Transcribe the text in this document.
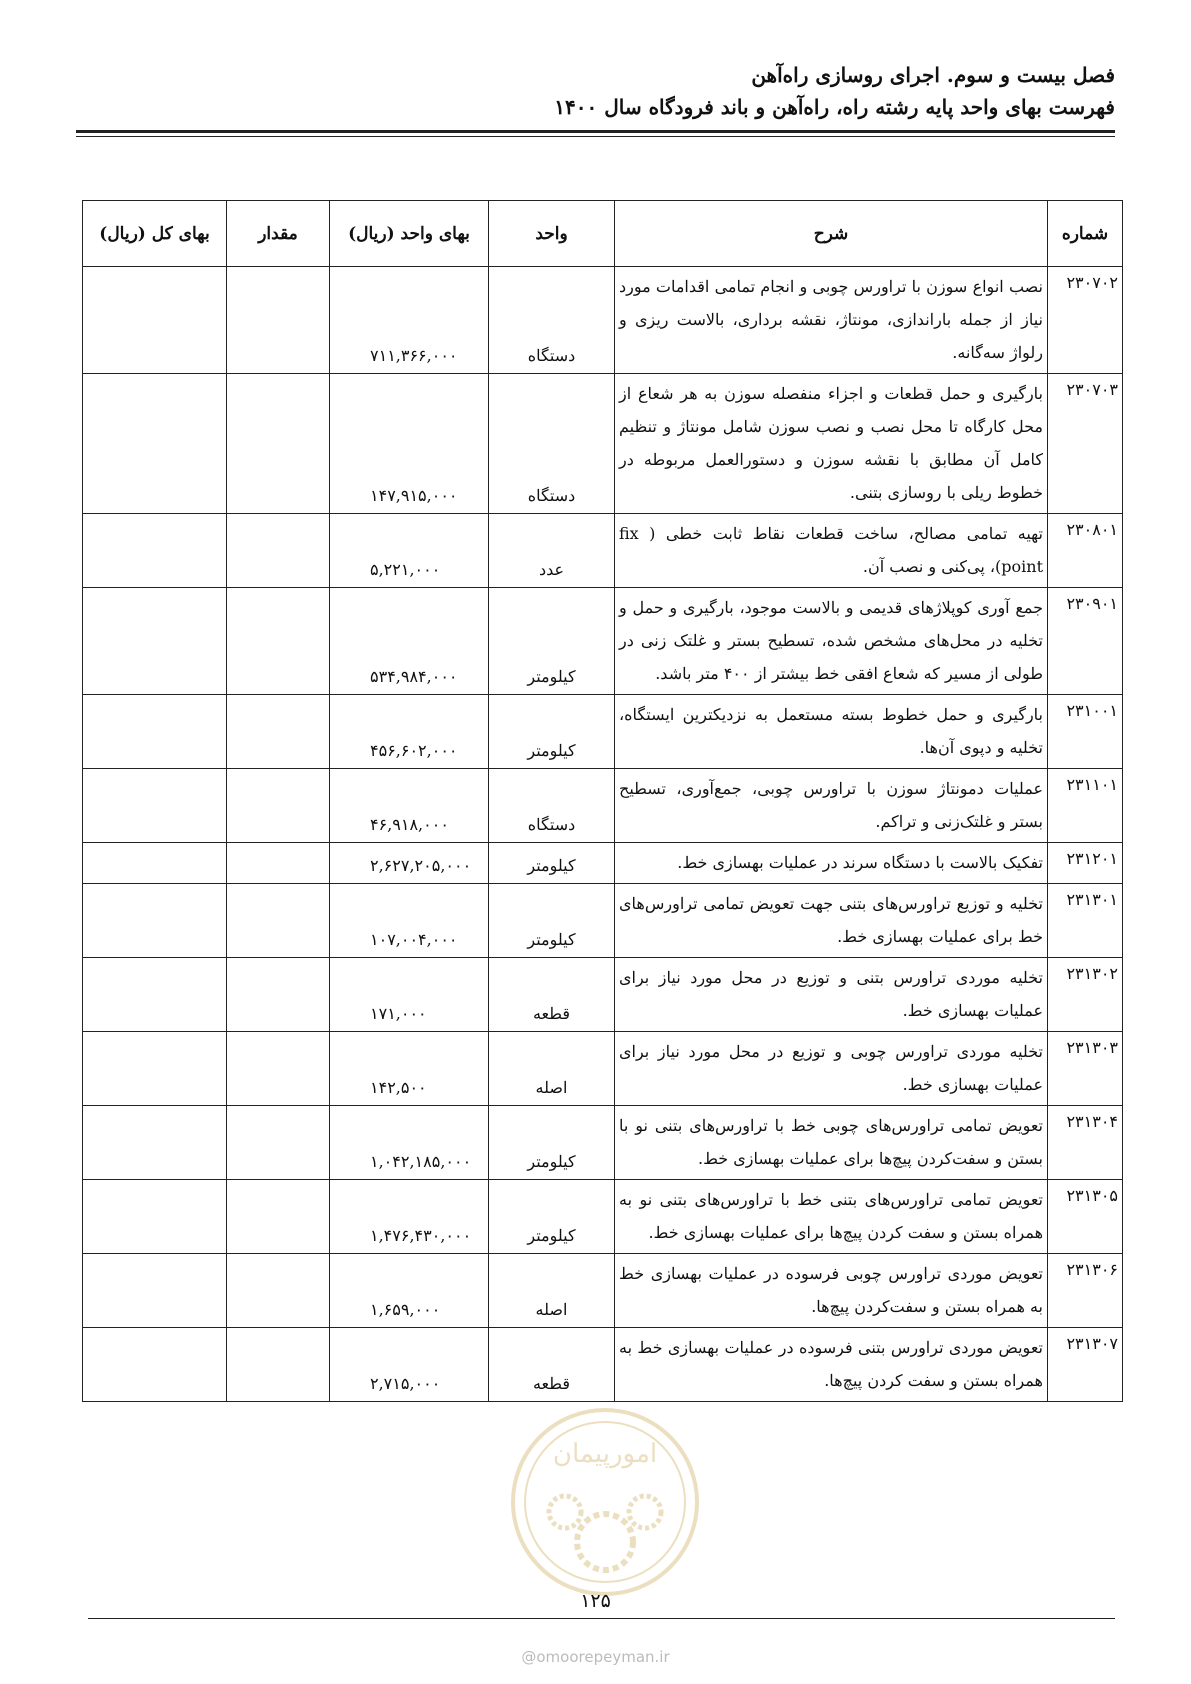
فصل بیست و سوم. اجرای روسازی راه‌آهن
فهرست بهای واحد پایه رشته راه، راه‌آهن و باند فرودگاه سال ۱۴۰۰
شماره	شرح	واحد	بهای واحد (ریال)	مقدار	بهای کل (ریال)
۲۳۰۷۰۲	نصب انواع سوزن با تراورس چوبی و انجام تمامی اقدامات مورد نیاز از جمله باراندازی، مونتاژ، نقشه برداری، بالاست ریزی و رلواژ سه‌گانه.	دستگاه	۷۱۱,۳۶۶,۰۰۰		
۲۳۰۷۰۳	بارگیری و حمل قطعات و اجزاء منفصله سوزن به هر شعاع از محل کارگاه تا محل نصب و نصب سوزن شامل مونتاژ و تنظیم کامل آن مطابق با نقشه سوزن و دستورالعمل مربوطه در خطوط ریلی با روسازی بتنی.	دستگاه	۱۴۷,۹۱۵,۰۰۰		
۲۳۰۸۰۱	تهیه تمامی مصالح، ساخت قطعات نقاط ثابت خطی ( fix point)، پی‌کنی و نصب آن.	عدد	۵,۲۲۱,۰۰۰		
۲۳۰۹۰۱	جمع آوری کوپلاژهای قدیمی و بالاست موجود، بارگیری و حمل و تخلیه در محل‌های مشخص شده، تسطیح بستر و غلتک زنی در طولی از مسیر که شعاع افقی خط بیشتر از ۴۰۰ متر باشد.	کیلومتر	۵۳۴,۹۸۴,۰۰۰		
۲۳۱۰۰۱	بارگیری و حمل خطوط بسته مستعمل به نزدیکترین ایستگاه، تخلیه و دپوی آن‌ها.	کیلومتر	۴۵۶,۶۰۲,۰۰۰		
۲۳۱۱۰۱	عملیات دمونتاژ سوزن با تراورس چوبی، جمع‌آوری، تسطیح بستر و غلتک‌زنی و تراکم.	دستگاه	۴۶,۹۱۸,۰۰۰		
۲۳۱۲۰۱	تفکیک بالاست با دستگاه سرند در عملیات بهسازی خط.	کیلومتر	۲,۶۲۷,۲۰۵,۰۰۰		
۲۳۱۳۰۱	تخلیه و توزیع تراورس‌های بتنی جهت تعویض تمامی تراورس‌های خط برای عملیات بهسازی خط.	کیلومتر	۱۰۷,۰۰۴,۰۰۰		
۲۳۱۳۰۲	تخلیه موردی تراورس بتنی و توزیع در محل مورد نیاز برای عملیات بهسازی خط.	قطعه	۱۷۱,۰۰۰		
۲۳۱۳۰۳	تخلیه موردی تراورس چوبی و توزیع در محل مورد نیاز برای عملیات بهسازی خط.	اصله	۱۴۲,۵۰۰		
۲۳۱۳۰۴	تعویض تمامی تراورس‌های چوبی خط با تراورس‌های بتنی نو با بستن و سفت‌کردن پیچ‌ها برای عملیات بهسازی خط.	کیلومتر	۱,۰۴۲,۱۸۵,۰۰۰		
۲۳۱۳۰۵	تعویض تمامی تراورس‌های بتنی خط با تراورس‌های بتنی نو به همراه بستن و سفت کردن پیچ‌ها برای عملیات بهسازی خط.	کیلومتر	۱,۴۷۶,۴۳۰,۰۰۰		
۲۳۱۳۰۶	تعویض موردی تراورس چوبی فرسوده در عملیات بهسازی خط به همراه بستن و سفت‌کردن پیچ‌ها.	اصله	۱,۶۵۹,۰۰۰		
۲۳۱۳۰۷	تعویض موردی تراورس بتنی فرسوده در عملیات بهسازی خط به همراه بستن و سفت کردن پیچ‌ها.	قطعه	۲,۷۱۵,۰۰۰		
امورپیمان
۱۲۵
@omoorepeyman.ir
